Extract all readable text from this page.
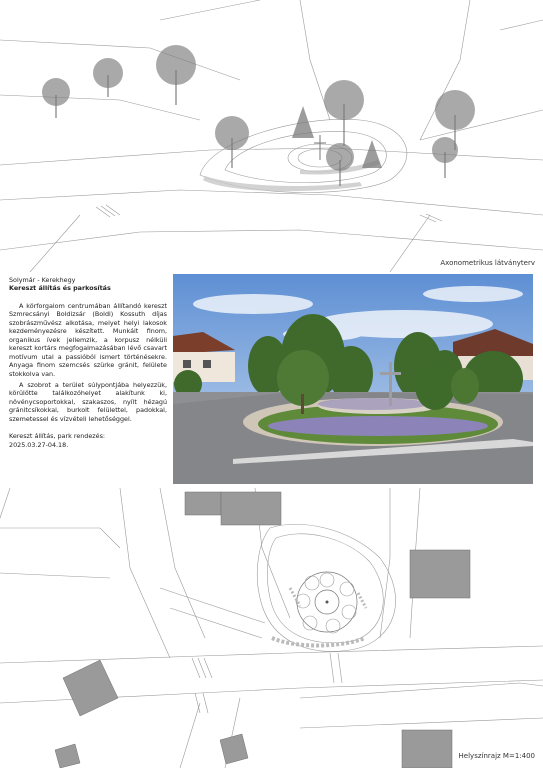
Axonometrikus látványterv
Solymár - Kerekhegy
Kereszt állítás és parkosítás

A körforgalom centrumában állítandó kereszt Szmrecsányi Boldizsár (Boldi) Kossuth díjas szobrászművész alkotása, melyet helyi lakosok kezdeményezésre készített. Munkáit finom, organikus ívek jellemzik, a korpusz nélküli kereszt kortárs megfogalmazásában lévő csavart motívum utal a passióból ismert történésekre. Anyaga finom szemcsés szürke gránit, felülete stokkolva van.

A szobrot a terület súlypontjába helyezzük, körülötte találkozóhelyet alakítunk ki, növénycsoportokkal, szakaszos, nyílt hézagú gránitcsíkokkal, burkolt felülettel, padokkal, szemetessel és vízvételi lehetőséggel.

Kereszt állítás, park rendezés:
2025.03.27-04.18.
Helyszínrajz M=1:400
